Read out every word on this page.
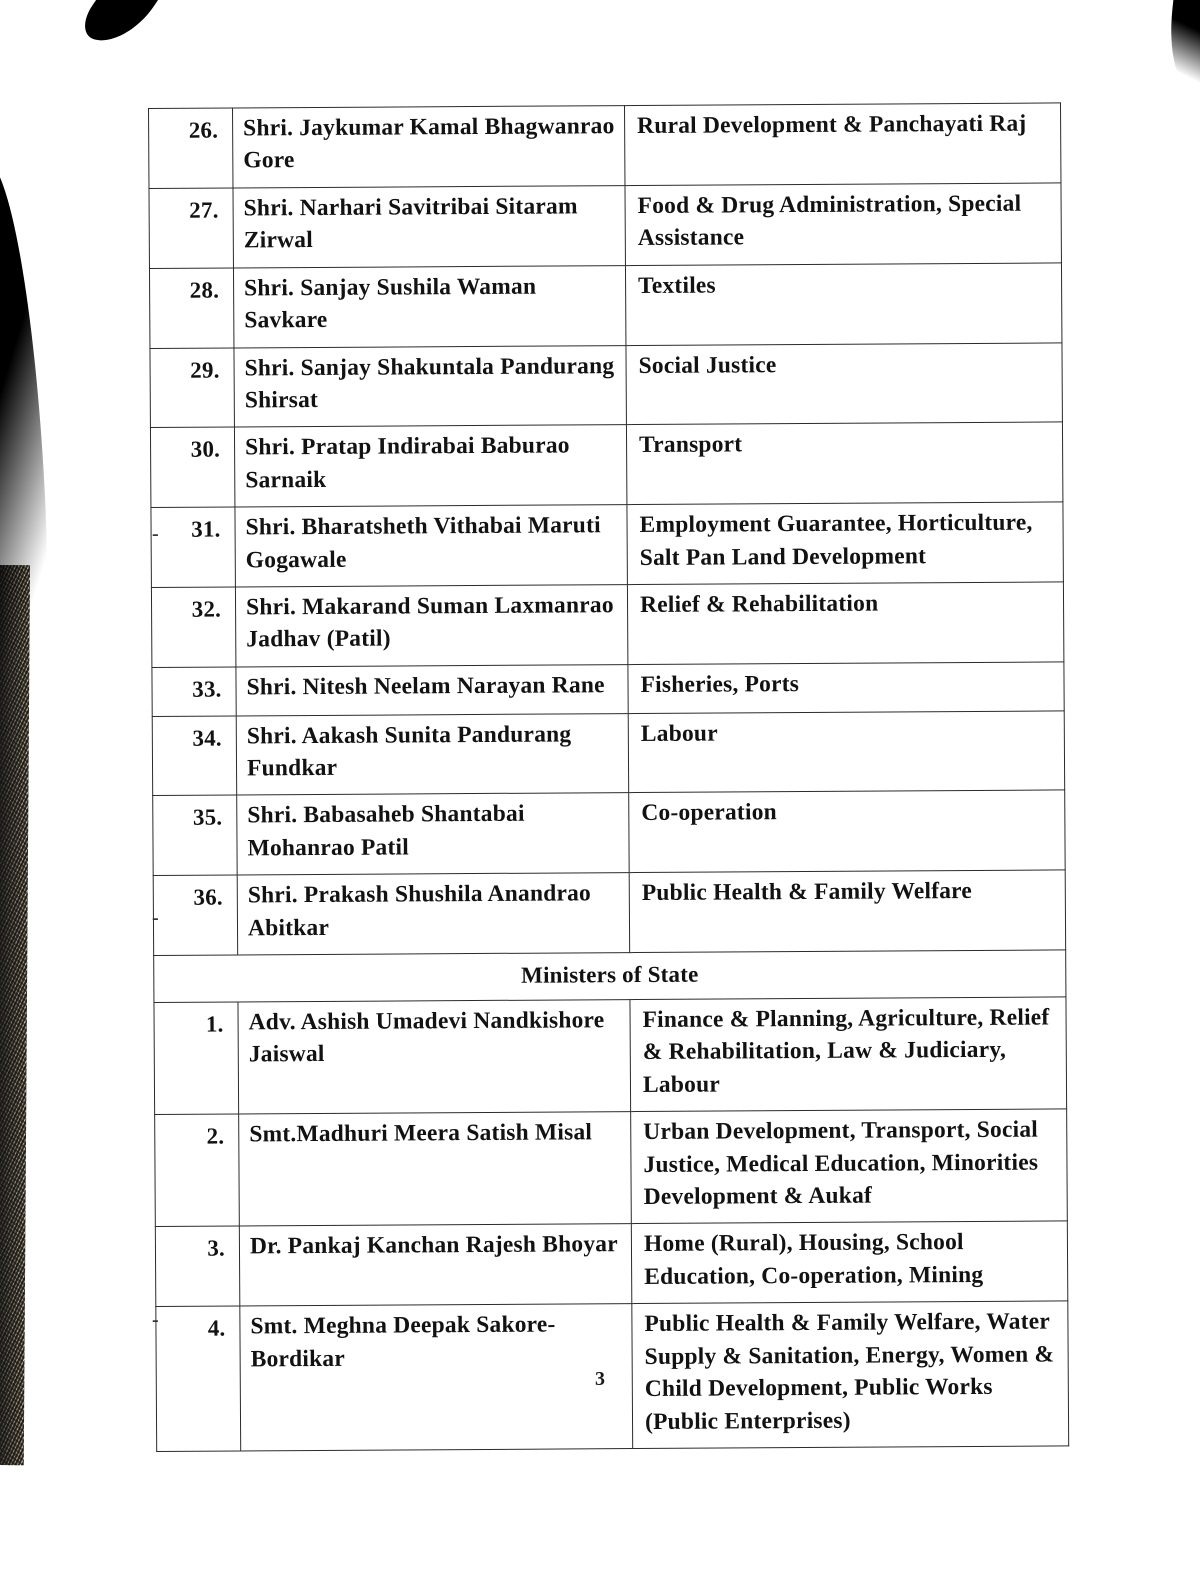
26.	Shri. Jaykumar Kamal Bhagwanrao Gore	Rural Development & Panchayati Raj
27.	Shri. Narhari Savitribai Sitaram Zirwal	Food & Drug Administration, Special Assistance
28.	Shri. Sanjay Sushila Waman Savkare	Textiles
29.	Shri. Sanjay Shakuntala Pandurang Shirsat	Social Justice
30.	Shri. Pratap Indirabai Baburao Sarnaik	Transport
31.	Shri. Bharatsheth Vithabai Maruti Gogawale	Employment Guarantee, Horticulture, Salt Pan Land Development
32.	Shri. Makarand Suman Laxmanrao Jadhav (Patil)	Relief & Rehabilitation
33.	Shri. Nitesh Neelam Narayan Rane	Fisheries, Ports
34.	Shri. Aakash Sunita Pandurang Fundkar	Labour
35.	Shri. Babasaheb Shantabai Mohanrao Patil	Co-operation
36.	Shri. Prakash Shushila Anandrao Abitkar	Public Health & Family Welfare
Ministers of State		
1.	Adv. Ashish Umadevi Nandkishore Jaiswal	Finance & Planning, Agriculture, Relief & Rehabilitation, Law & Judiciary, Labour
2.	Smt.Madhuri Meera Satish Misal	Urban Development, Transport, Social Justice, Medical Education, Minorities Development & Aukaf
3.	Dr. Pankaj Kanchan Rajesh Bhoyar	Home (Rural), Housing, School Education, Co-operation, Mining
4.	Smt. Meghna Deepak Sakore-Bordikar	Public Health & Family Welfare, Water Supply & Sanitation, Energy, Women & Child Development, Public Works (Public Enterprises)
-
-
-
3
